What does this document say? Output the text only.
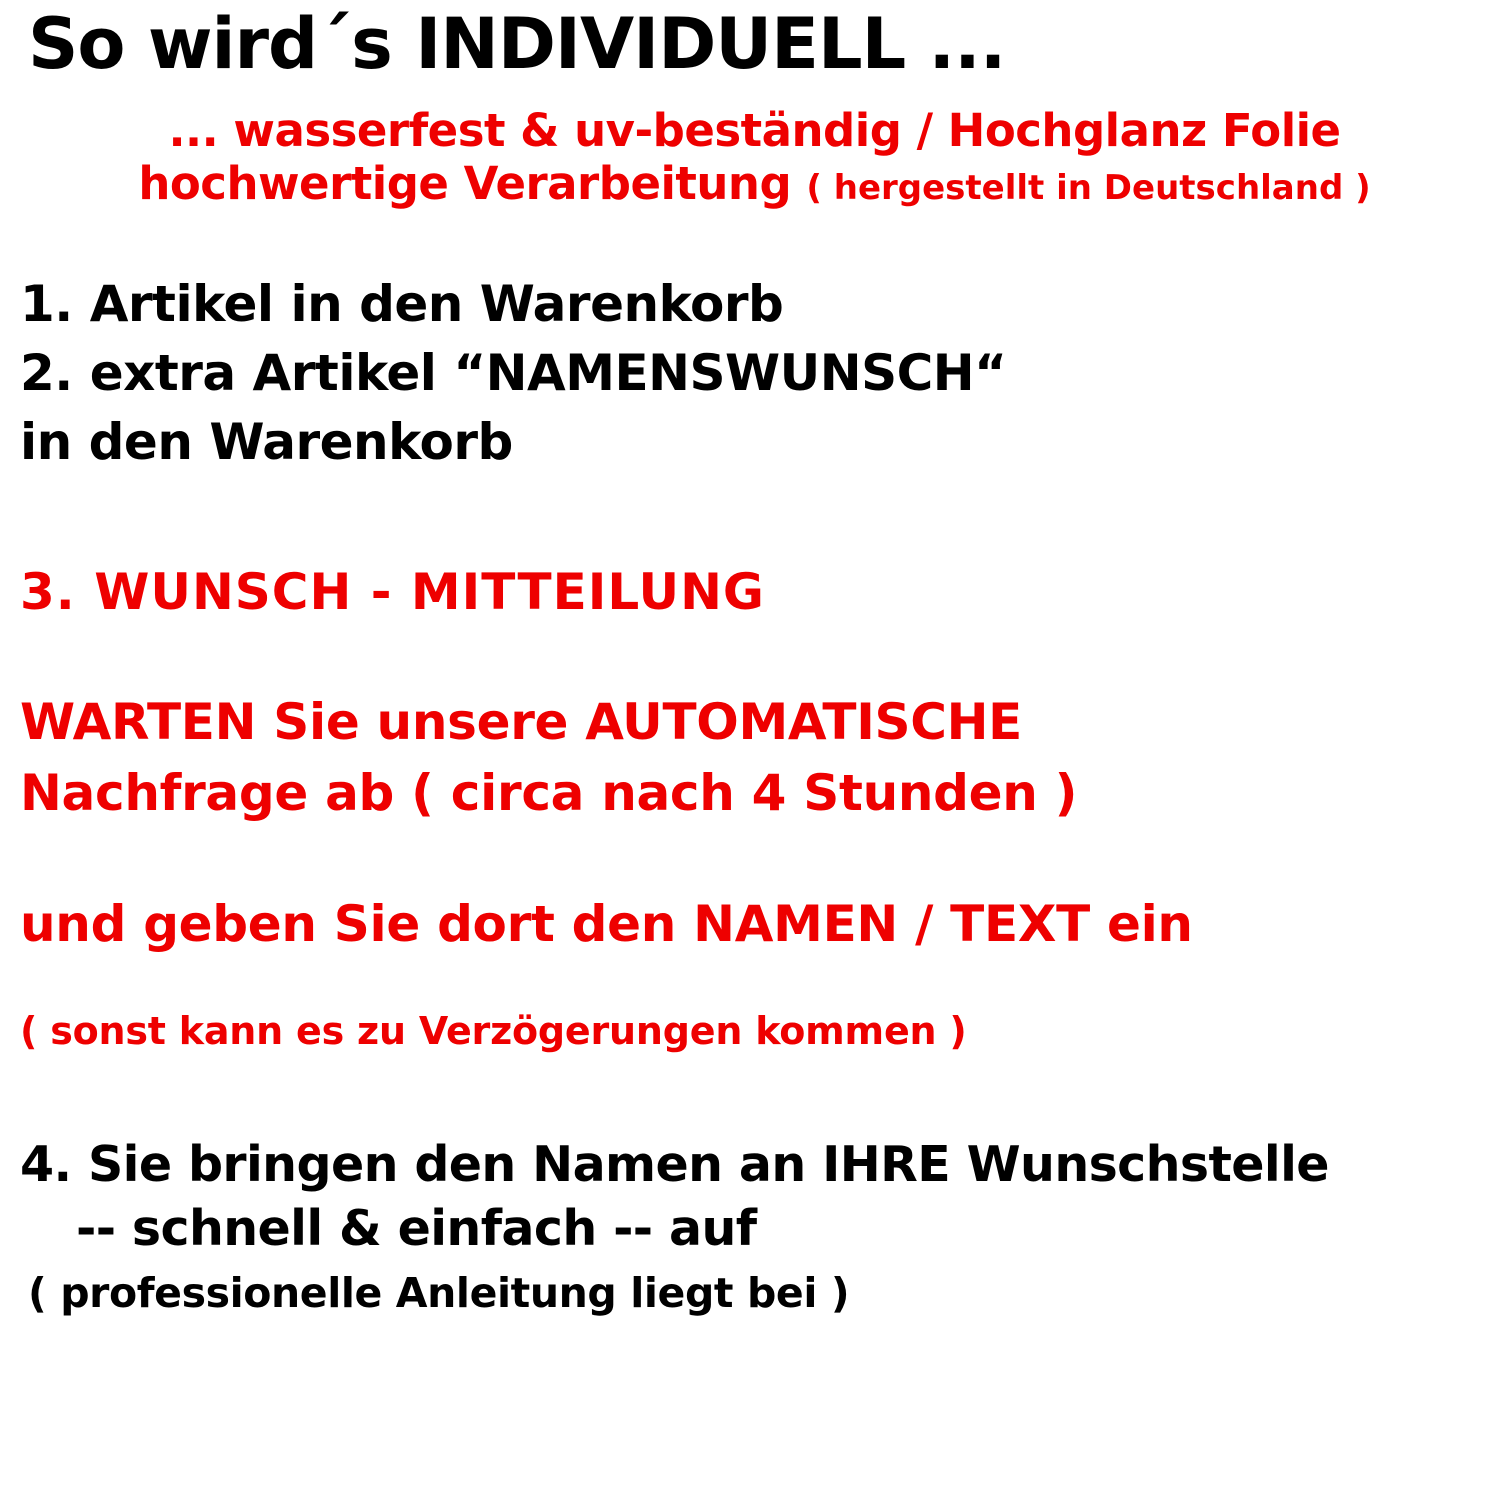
So wird´s INDIVIDUELL ...
... wasserfest & uv-beständig / Hochglanz Folie
hochwertige Verarbeitung ( hergestellt in Deutschland )
1. Artikel in den Warenkorb
2. extra Artikel “NAMENSWUNSCH“
in den Warenkorb
3. WUNSCH - MITTEILUNG
WARTEN Sie unsere AUTOMATISCHE
Nachfrage ab ( circa nach 4 Stunden )
und geben Sie dort den NAMEN / TEXT ein
( sonst kann es zu Verzögerungen kommen )
4. Sie bringen den Namen an IHRE Wunschstelle
-- schnell & einfach -- auf
( professionelle Anleitung liegt bei )
